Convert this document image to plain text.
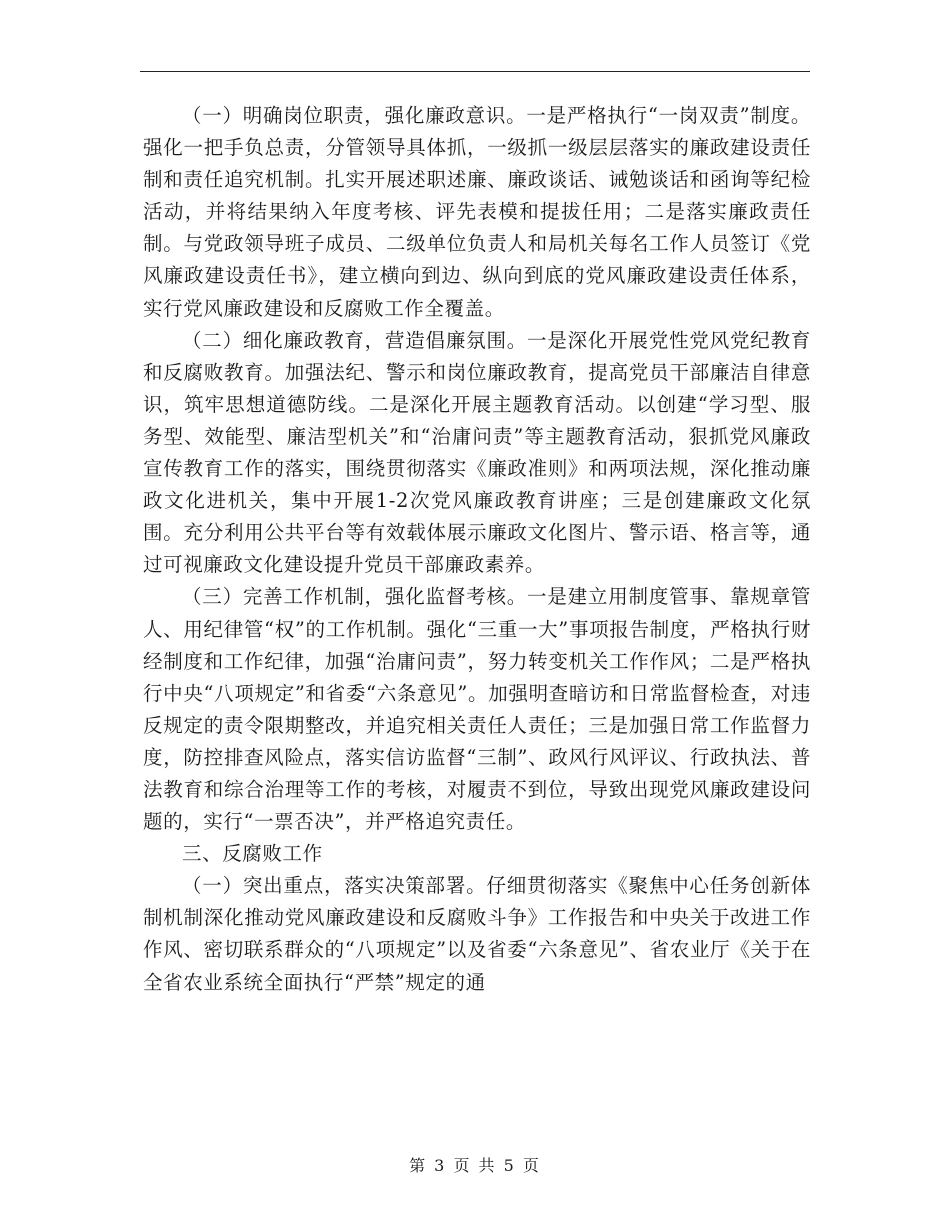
（一）明确岗位职责，强化廉政意识。一是严格执行“一岗双责”制度。强化一把手负总责，分管领导具体抓，一级抓一级层层落实的廉政建设责任制和责任追究机制。扎实开展述职述廉、廉政谈话、诫勉谈话和函询等纪检活动，并将结果纳入年度考核、评先表模和提拔任用；二是落实廉政责任制。与党政领导班子成员、二级单位负责人和局机关每名工作人员签订《党风廉政建设责任书》，建立横向到边、纵向到底的党风廉政建设责任体系，实行党风廉政建设和反腐败工作全覆盖。

（二）细化廉政教育，营造倡廉氛围。一是深化开展党性党风党纪教育和反腐败教育。加强法纪、警示和岗位廉政教育，提高党员干部廉洁自律意识，筑牢思想道德防线。二是深化开展主题教育活动。以创建“学习型、服务型、效能型、廉洁型机关”和“治庸问责”等主题教育活动，狠抓党风廉政宣传教育工作的落实，围绕贯彻落实《廉政准则》和两项法规，深化推动廉政文化进机关，集中开展1-2次党风廉政教育讲座；三是创建廉政文化氛围。充分利用公共平台等有效载体展示廉政文化图片、警示语、格言等，通过可视廉政文化建设提升党员干部廉政素养。

（三）完善工作机制，强化监督考核。一是建立用制度管事、靠规章管人、用纪律管“权”的工作机制。强化“三重一大”事项报告制度，严格执行财经制度和工作纪律，加强“治庸问责”，努力转变机关工作作风；二是严格执行中央“八项规定”和省委“六条意见”。加强明查暗访和日常监督检查，对违反规定的责令限期整改，并追究相关责任人责任；三是加强日常工作监督力度，防控排查风险点，落实信访监督“三制”、政风行风评议、行政执法、普法教育和综合治理等工作的考核，对履责不到位，导致出现党风廉政建设问题的，实行“一票否决”，并严格追究责任。

三、反腐败工作

（一）突出重点，落实决策部署。仔细贯彻落实《聚焦中心任务创新体制机制深化推动党风廉政建设和反腐败斗争》工作报告和中央关于改进工作作风、密切联系群众的“八项规定”以及省委“六条意见”、省农业厅《关于在全省农业系统全面执行“严禁”规定的通

第 3 页 共 5 页
